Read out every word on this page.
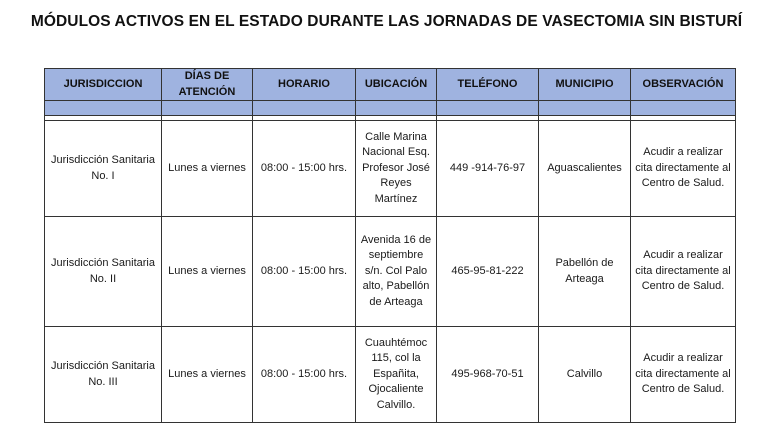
MÓDULOS ACTIVOS EN EL ESTADO DURANTE LAS JORNADAS DE VASECTOMIA SIN BISTURÍ
JURISDICCION	DÍAS DE ATENCIÓN	HORARIO	UBICACIÓN	TELÉFONO	MUNICIPIO	OBSERVACIÓN

Jurisdicción Sanitaria No. I	Lunes a viernes	08:00 - 15:00 hrs.	Calle Marina Nacional Esq. Profesor José Reyes Martínez	449 -914-76-97	Aguascalientes	Acudir a realizar cita directamente al Centro de Salud.
Jurisdicción Sanitaria No. II	Lunes a viernes	08:00 - 15:00 hrs.	Avenida 16 de septiembre s/n. Col Palo alto, Pabellón de Arteaga	465-95-81-222	Pabellón de Arteaga	Acudir a realizar cita directamente al Centro de Salud.
Jurisdicción Sanitaria No. III	Lunes a viernes	08:00 - 15:00 hrs.	Cuauhtémoc 115, col la Españita, Ojocaliente Calvillo.	495-968-70-51	Calvillo	Acudir a realizar cita directamente al Centro de Salud.
